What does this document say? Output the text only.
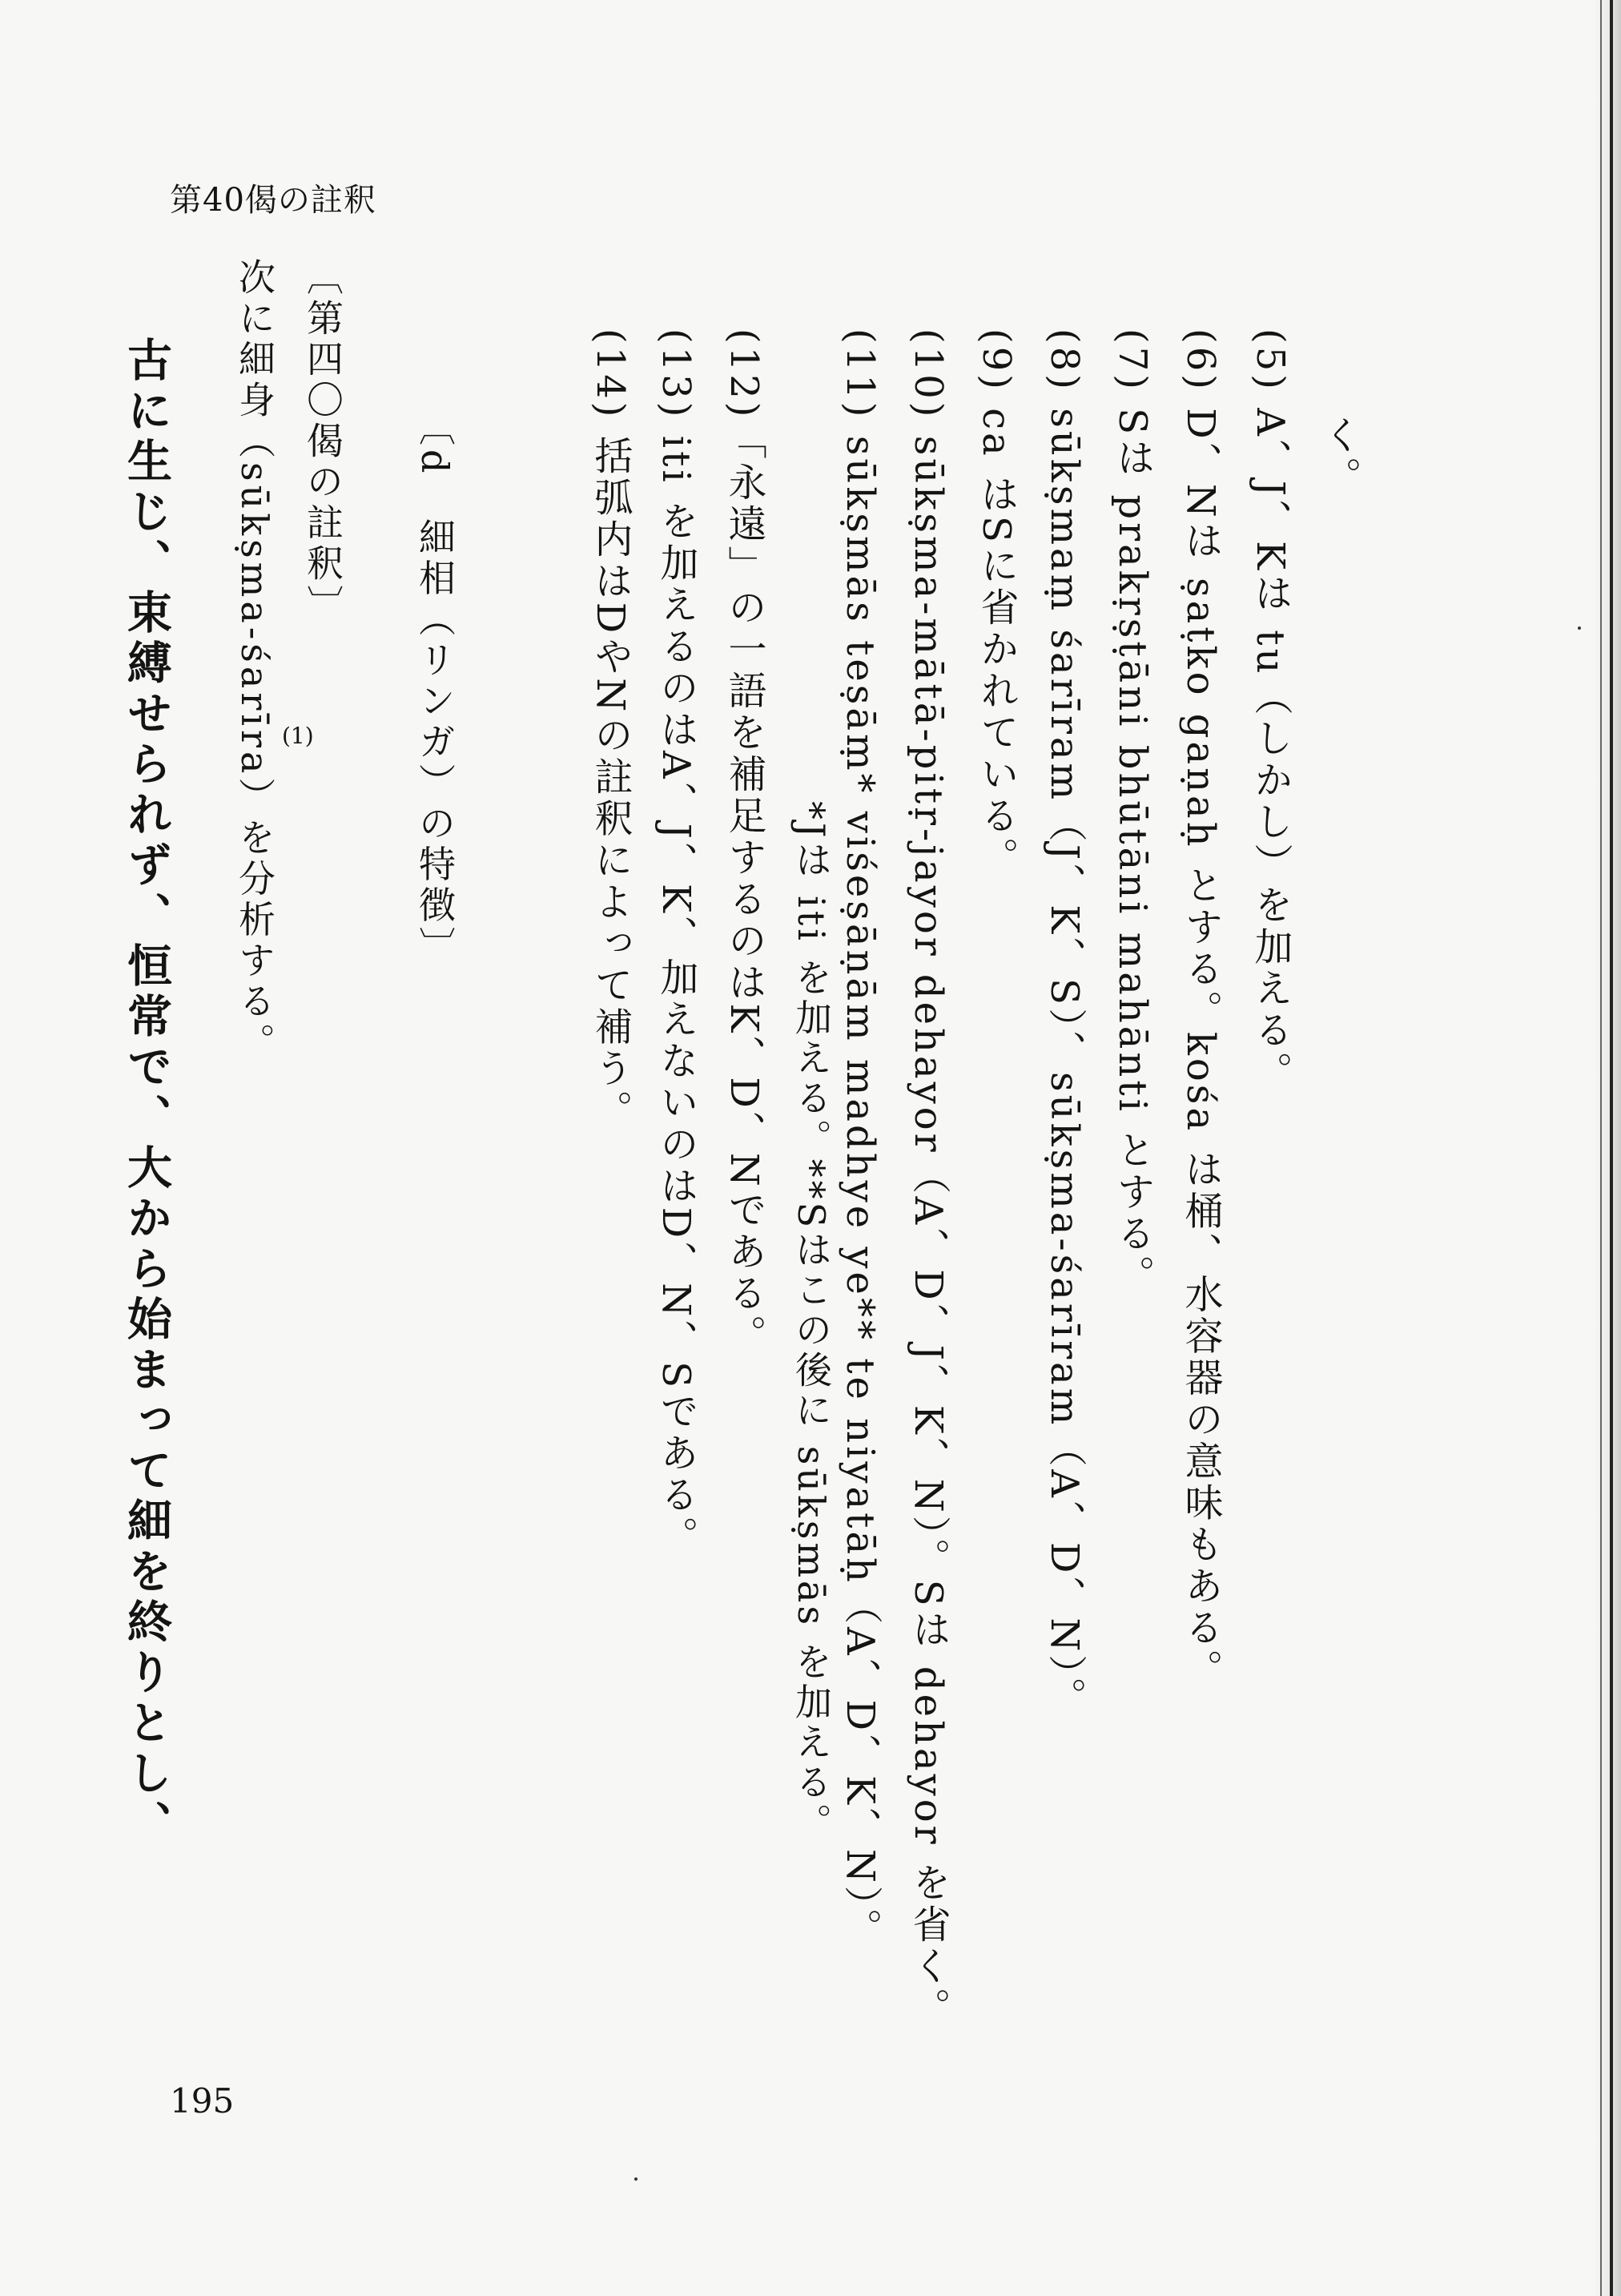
第40偈の註釈
く。
(5) A、J、Kは tu（しかし）を加える。
(6) D、Nは ṣaṭko gaṇaḥ とする。kośa は桶、水容器の意味もある。
(7) Sは prakṛṣṭāni bhūtāni mahānti とする。
(8) sūkṣmaṃ śarīram（J、K、S）、sūkṣma-śarīram（A、D、N）。
(9) ca はSに省かれている。
(10) sūkṣma-mātā-pitṛ-jayor dehayor（A、D、J、K、N）。Sは dehayor を省く。
(11) sūkṣmās teṣāṃ* viśeṣāṇām madhye ye** te niyatāḥ（A、D、K、N）。
*Jは iti を加える。**Sはこの後に sūkṣmās を加える。
(12)「永遠」の一語を補足するのはK、D、Nである。
(13) iti を加えるのはA、J、K、加えないのはD、N、Sである。
(14) 括弧内はDやNの註釈によって補う。
〔d　細相（リンガ）の特徴〕
〔第四〇偈の註釈〕
次に細身（sūkṣma-śarīra）を分析する。 (1)
古に生じ、束縛せられず、恒常で、大から始まって細を終りとし、
195
